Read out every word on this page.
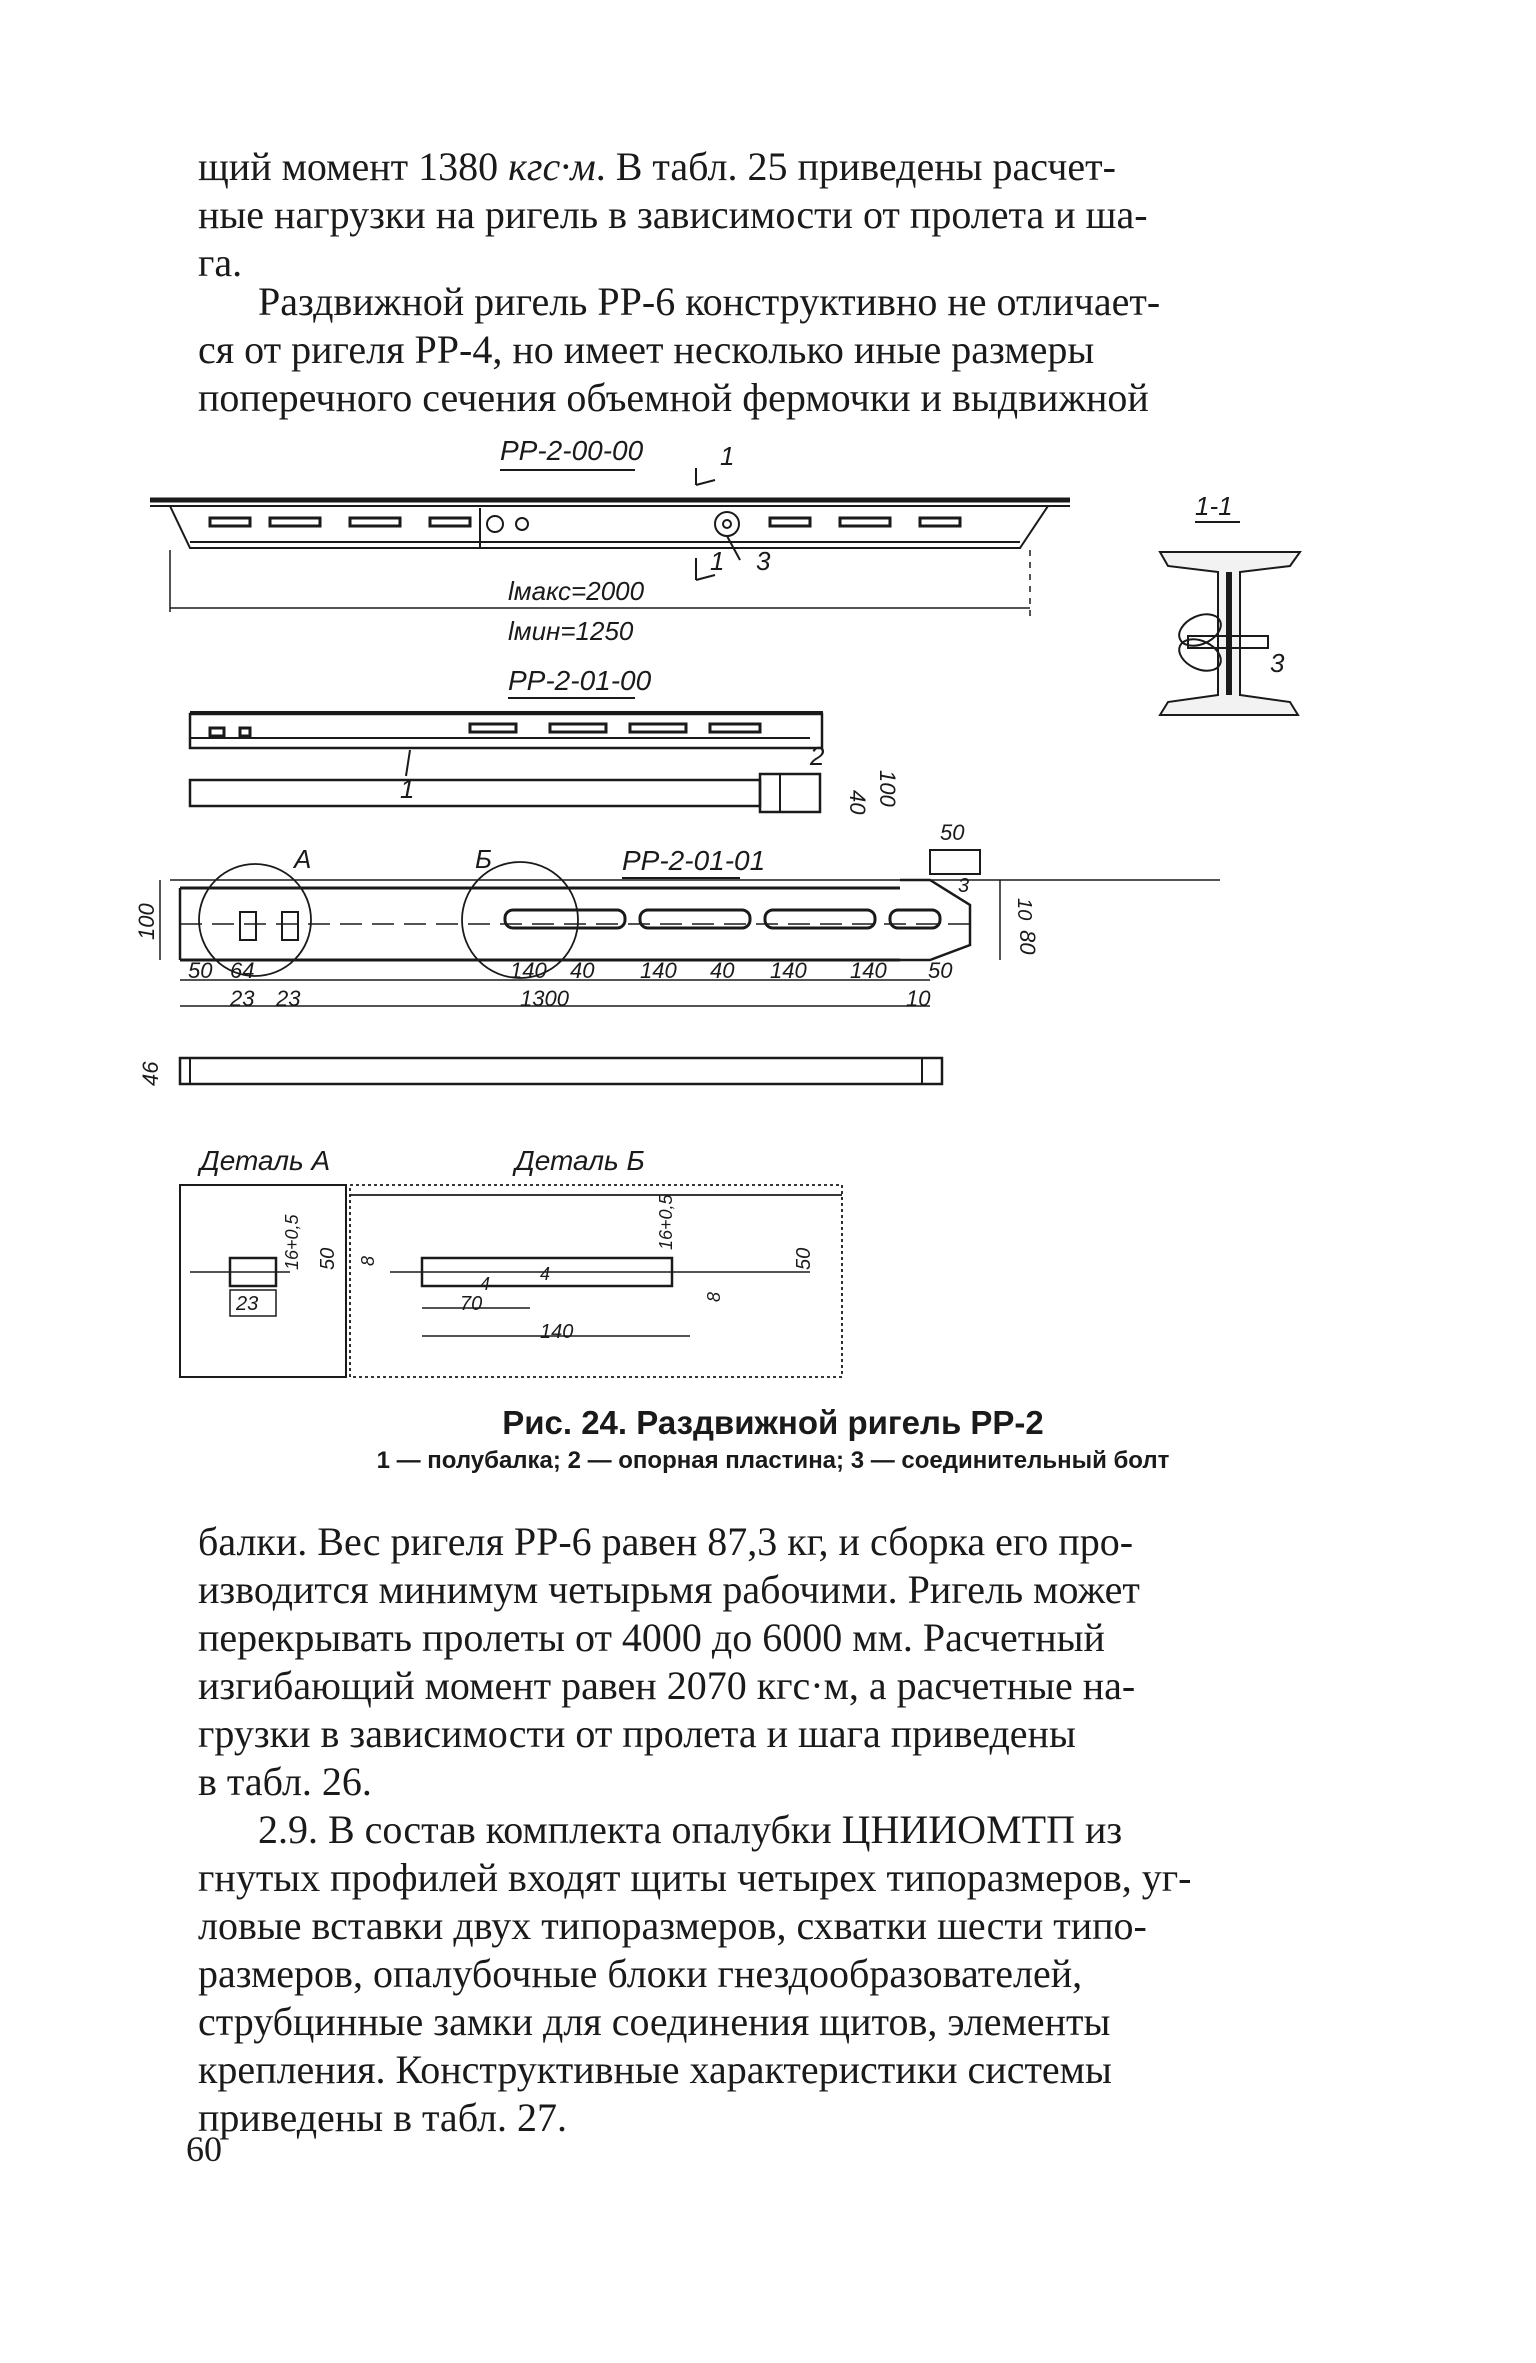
щий момент 1380 кгс·м. В табл. 25 приведены расчет-
ные нагрузки на ригель в зависимости от пролета и ша-
га.
Раздвижной ригель РР-6 конструктивно не отличает-
ся от ригеля РР-4, но имеет несколько иные размеры
поперечного сечения объемной фермочки и выдвижной
РР-2-00-00	1
3
1
lмакс=2000
lмин=1250
1-1
3
РР-2-01-00
1
2
40 100
50
РР-2-01-01
А	Б
100	10
80
3
50 64
23 23
140 40 140 40 140 140 50
1300	10
46
Деталь А
23
16+0,5 50
Деталь Б
70
140
4	4
8
16+0,5
8
50
Рис. 24. Раздвижной ригель РР-2
1 — полубалка; 2 — опорная пластина; 3 — соединительный болт
балки. Вес ригеля РР-6 равен 87,3 кг, и сборка его про-
изводится минимум четырьмя рабочими. Ригель может
перекрывать пролеты от 4000 до 6000 мм. Расчетный
изгибающий момент равен 2070 кгс·м, а расчетные на-
грузки в зависимости от пролета и шага приведены
в табл. 26.
2.9. В состав комплекта опалубки ЦНИИОМТП из
гнутых профилей входят щиты четырех типоразмеров, уг-
ловые вставки двух типоразмеров, схватки шести типо-
размеров, опалубочные блоки гнездообразователей,
струбцинные замки для соединения щитов, элементы
крепления. Конструктивные характеристики системы
приведены в табл. 27.
60
